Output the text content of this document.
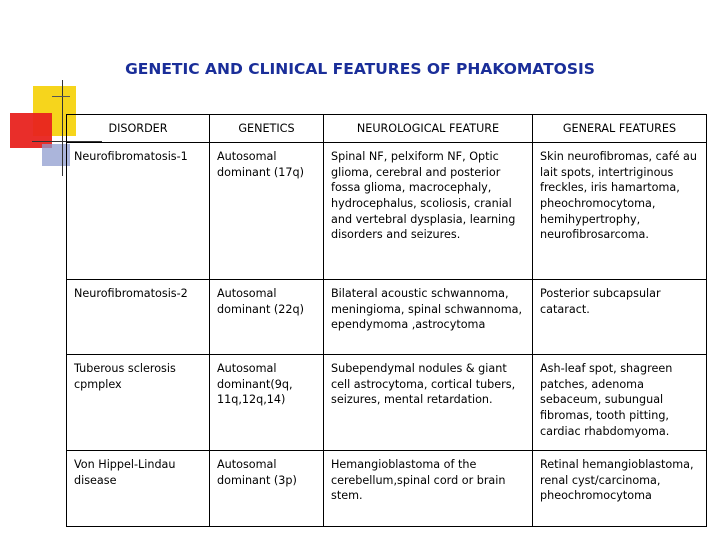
GENETIC AND CLINICAL FEATURES OF PHAKOMATOSIS
DISORDER	GENETICS	NEUROLOGICAL FEATURE	GENERAL FEATURES
Neurofibromatosis-1	Autosomal dominant (17q)	Spinal NF, pelxiform NF, Optic glioma, cerebral and posterior fossa glioma, macrocephaly, hydrocephalus, scoliosis, cranial and vertebral dysplasia, learning disorders and seizures.	Skin neurofibromas, café au lait spots, intertriginous freckles, iris hamartoma, pheochromocytoma, hemihypertrophy, neurofibrosarcoma.
Neurofibromatosis-2	Autosomal dominant (22q)	Bilateral acoustic schwannoma, meningioma, spinal schwannoma, ependymoma ,astrocytoma	Posterior subcapsular cataract.
Tuberous sclerosis cpmplex	Autosomal dominant(9q, 11q,12q,14)	Subependymal nodules & giant cell astrocytoma, cortical tubers, seizures, mental retardation.	Ash-leaf spot, shagreen patches, adenoma sebaceum, subungual fibromas, tooth pitting, cardiac rhabdomyoma.
Von Hippel-Lindau disease	Autosomal dominant (3p)	Hemangioblastoma of the cerebellum,spinal cord or brain stem.	Retinal hemangioblastoma, renal cyst/carcinoma, pheochromocytoma
